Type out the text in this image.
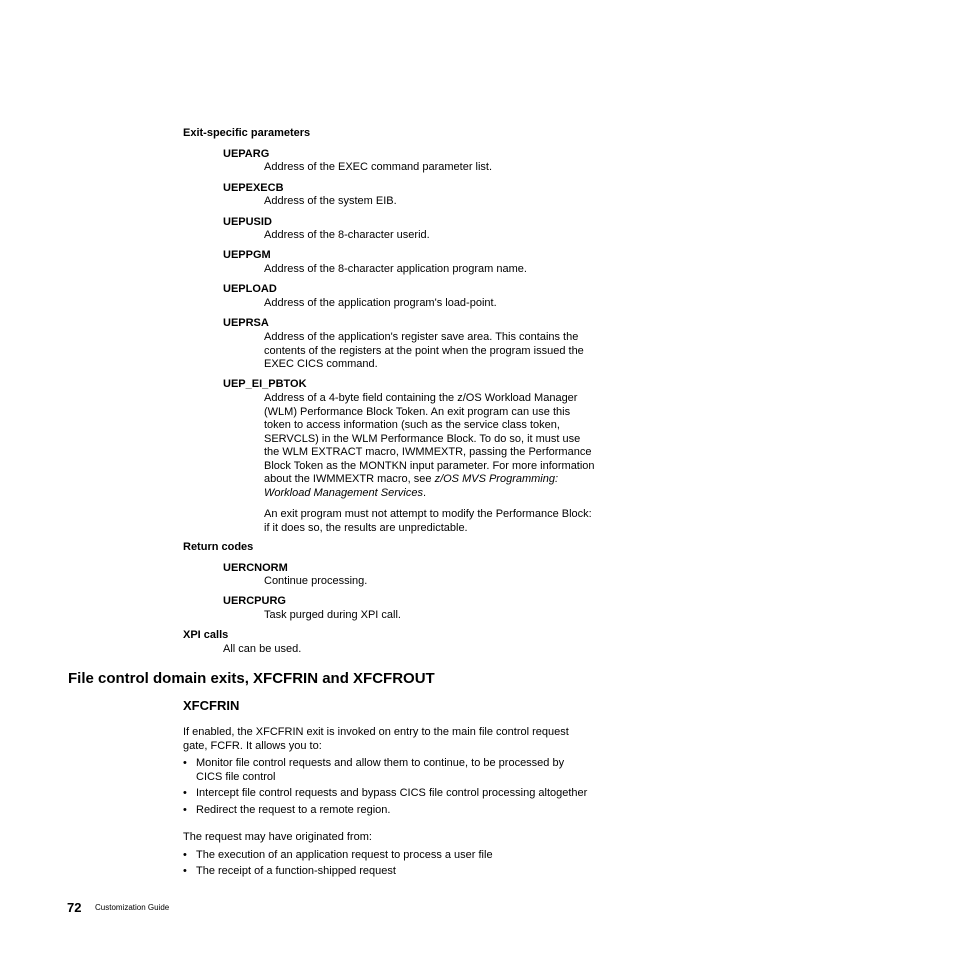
Exit-specific parameters
UEPARG
Address of the EXEC command parameter list.
UEPEXECB
Address of the system EIB.
UEPUSID
Address of the 8-character userid.
UEPPGM
Address of the 8-character application program name.
UEPLOAD
Address of the application program's load-point.
UEPRSA
Address of the application's register save area. This contains the
contents of the registers at the point when the program issued the
EXEC CICS command.
UEP_EI_PBTOK
Address of a 4-byte field containing the z/OS Workload Manager
(WLM) Performance Block Token. An exit program can use this
token to access information (such as the service class token,
SERVCLS) in the WLM Performance Block. To do so, it must use
the WLM EXTRACT macro, IWMMEXTR, passing the Performance
Block Token as the MONTKN input parameter. For more information
about the IWMMEXTR macro, see z/OS MVS Programming:
Workload Management Services.
An exit program must not attempt to modify the Performance Block:
if it does so, the results are unpredictable.
Return codes
UERCNORM
Continue processing.
UERCPURG
Task purged during XPI call.
XPI calls
All can be used.
File control domain exits, XFCFRIN and XFCFROUT
XFCFRIN
If enabled, the XFCFRIN exit is invoked on entry to the main file control request
gate, FCFR. It allows you to:
• Monitor file control requests and allow them to continue, to be processed by
CICS file control
• Intercept file control requests and bypass CICS file control processing altogether
• Redirect the request to a remote region.
The request may have originated from:
• The execution of an application request to process a user file
• The receipt of a function-shipped request
72 Customization Guide
